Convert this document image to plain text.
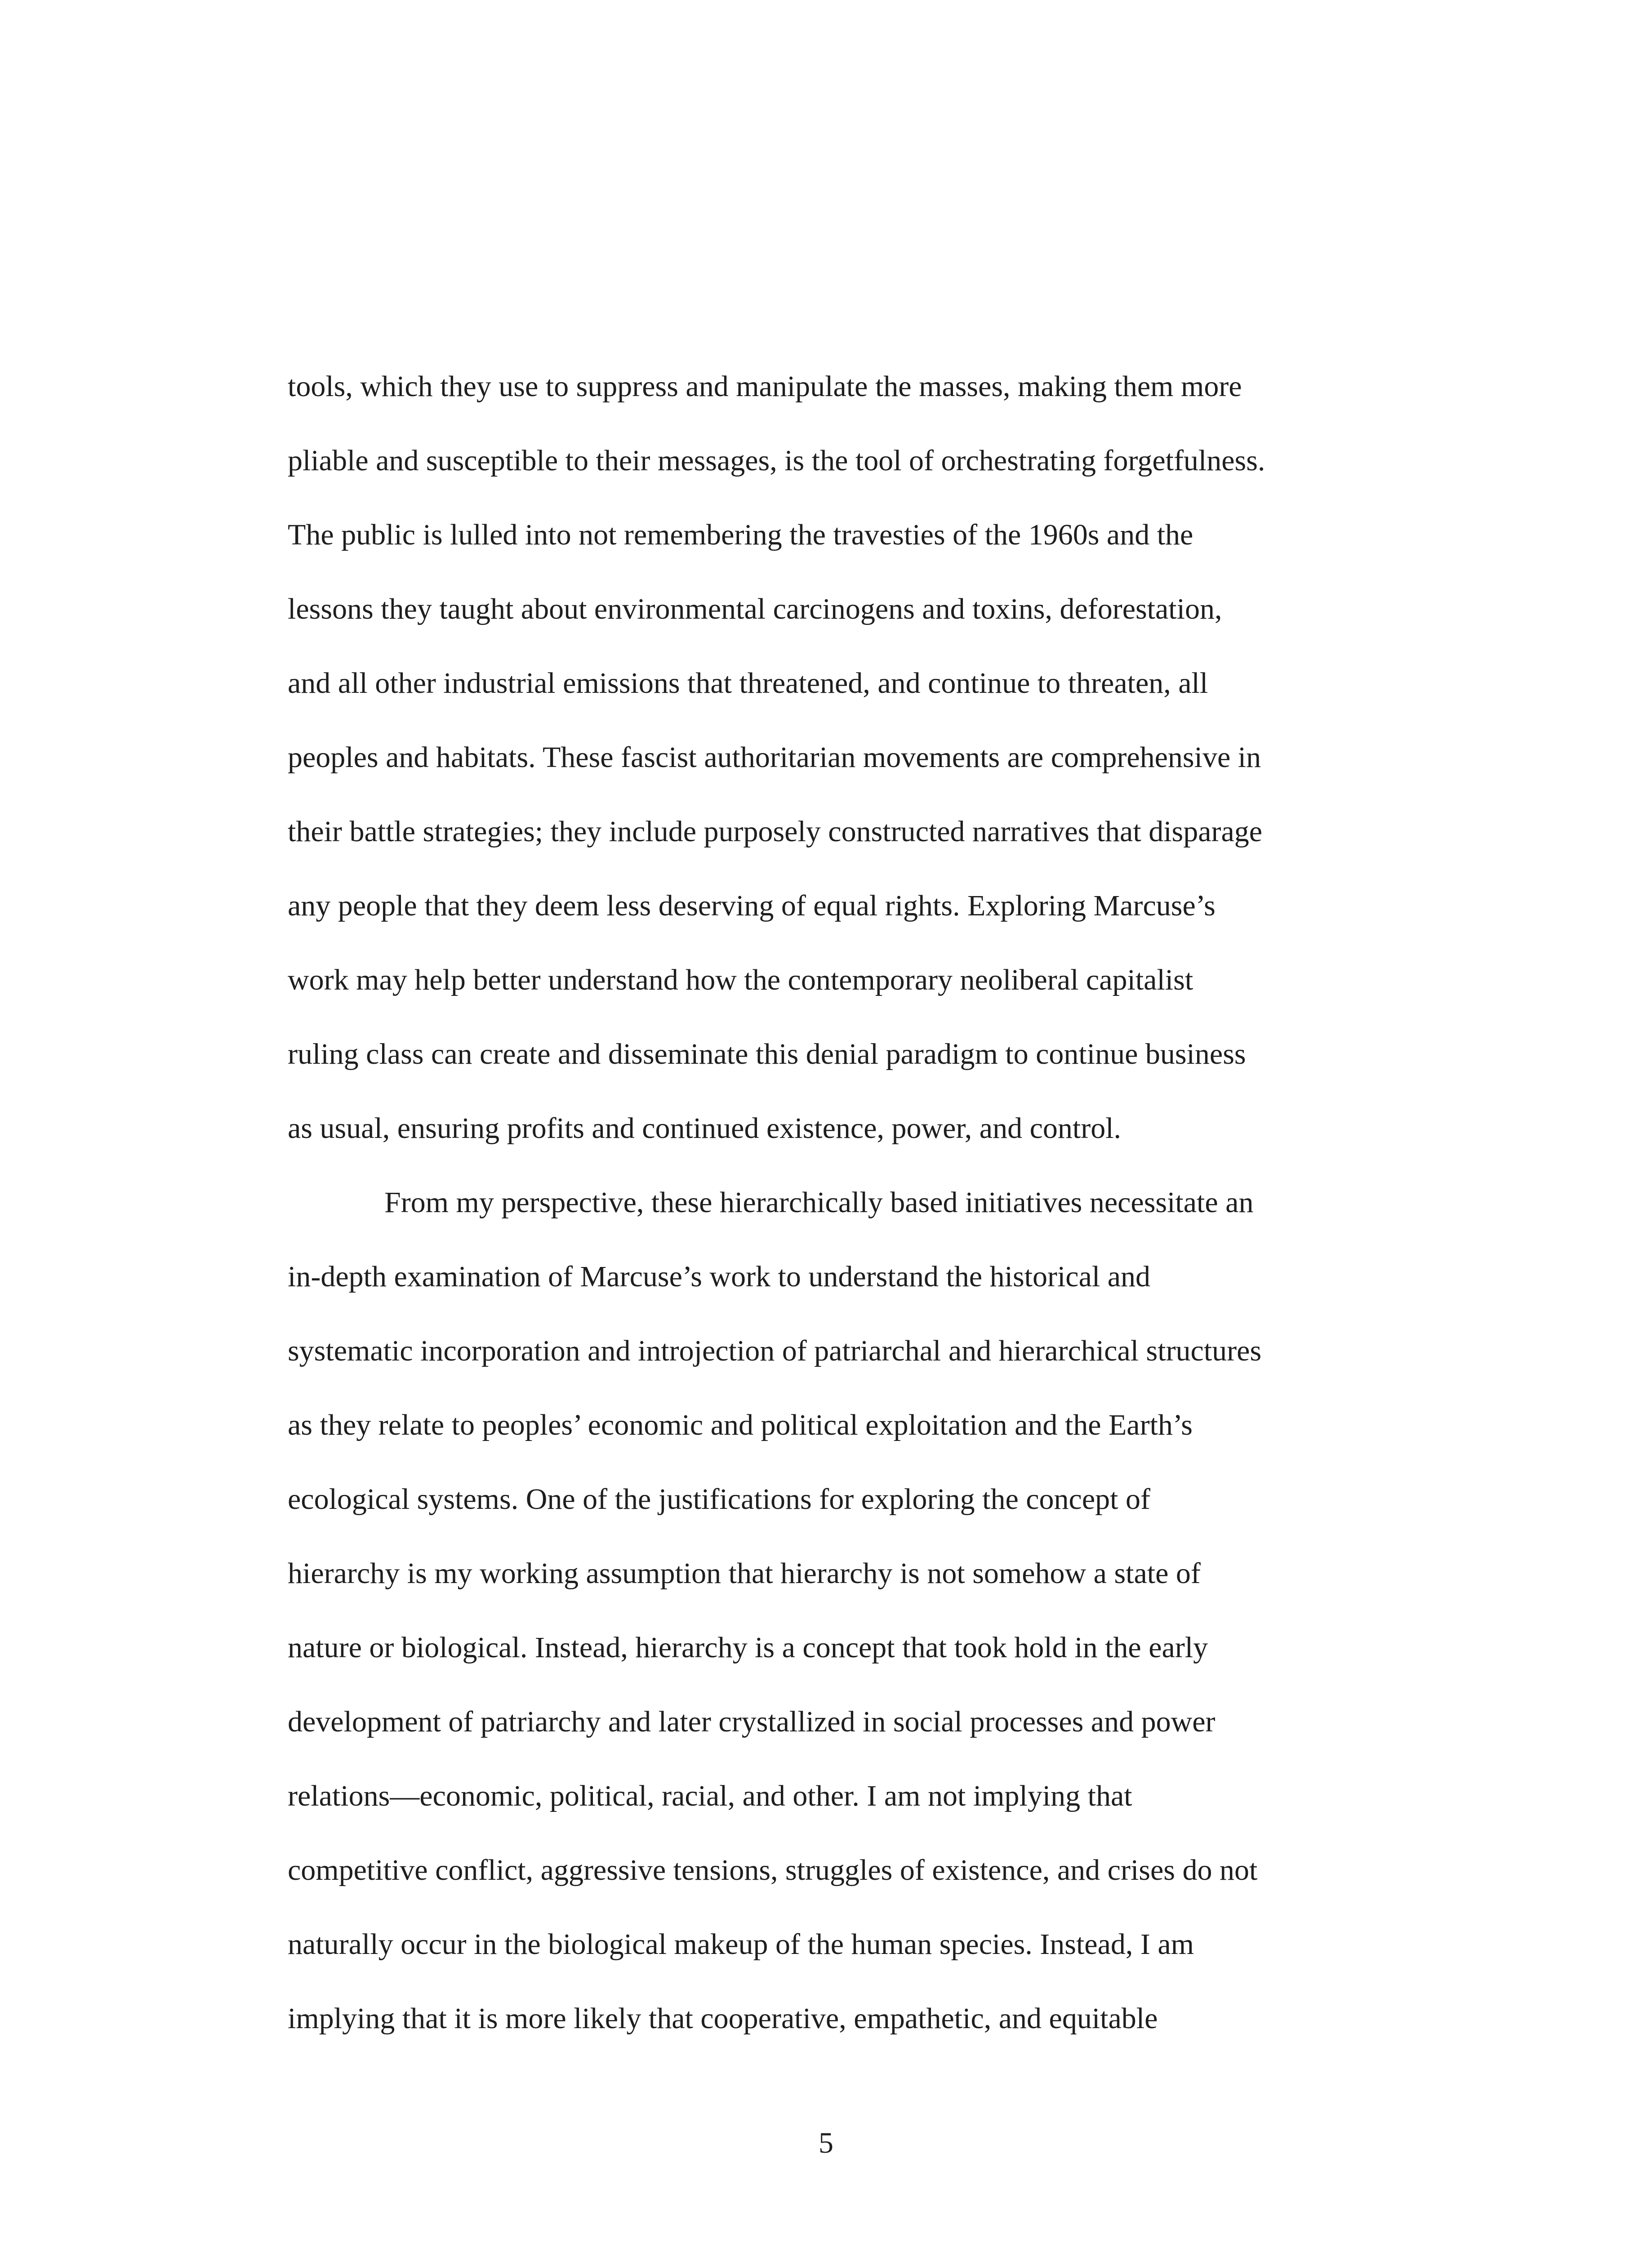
tools, which they use to suppress and manipulate the masses, making them more
pliable and susceptible to their messages, is the tool of orchestrating forgetfulness.
The public is lulled into not remembering the travesties of the 1960s and the
lessons they taught about environmental carcinogens and toxins, deforestation,
and all other industrial emissions that threatened, and continue to threaten, all
peoples and habitats. These fascist authoritarian movements are comprehensive in
their battle strategies; they include purposely constructed narratives that disparage
any people that they deem less deserving of equal rights. Exploring Marcuse’s
work may help better understand how the contemporary neoliberal capitalist
ruling class can create and disseminate this denial paradigm to continue business
as usual, ensuring profits and continued existence, power, and control.
From my perspective, these hierarchically based initiatives necessitate an
in-depth examination of Marcuse’s work to understand the historical and
systematic incorporation and introjection of patriarchal and hierarchical structures
as they relate to peoples’ economic and political exploitation and the Earth’s
ecological systems. One of the justifications for exploring the concept of
hierarchy is my working assumption that hierarchy is not somehow a state of
nature or biological. Instead, hierarchy is a concept that took hold in the early
development of patriarchy and later crystallized in social processes and power
relations—economic, political, racial, and other. I am not implying that
competitive conflict, aggressive tensions, struggles of existence, and crises do not
naturally occur in the biological makeup of the human species. Instead, I am
implying that it is more likely that cooperative, empathetic, and equitable
5
